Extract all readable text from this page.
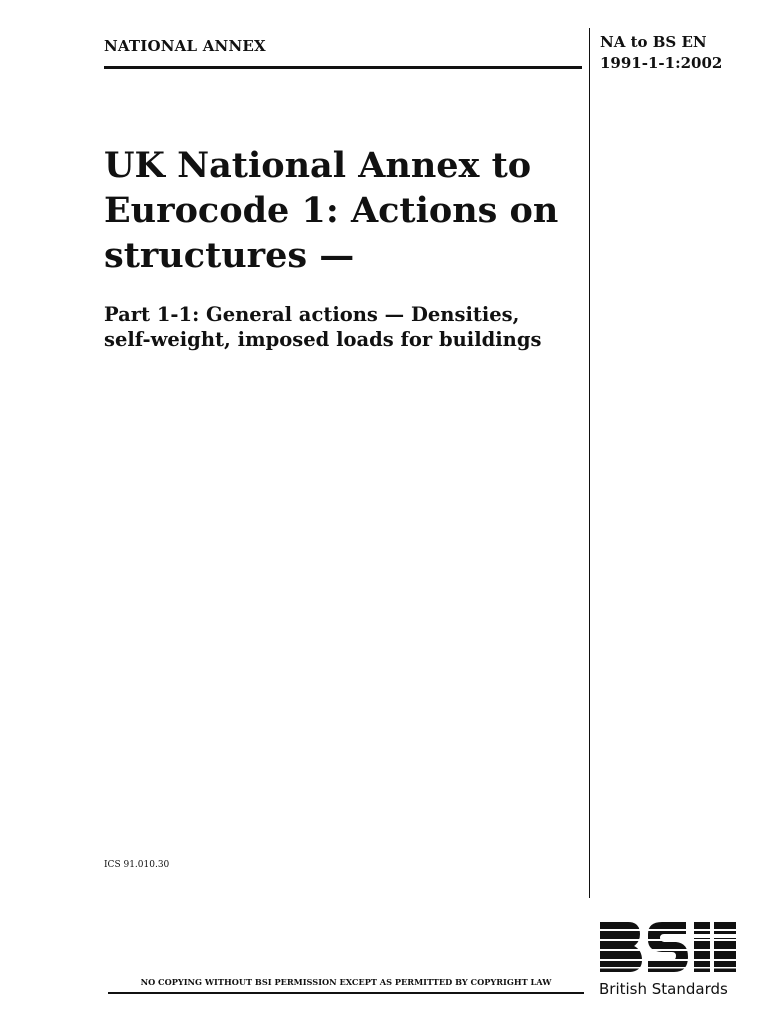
NATIONAL ANNEX	NA to BS EN
1991-1-1:2002
UK National Annex to
Eurocode 1: Actions on
structures —
Part 1-1: General actions — Densities,
self-weight, imposed loads for buildings
ICS 91.010.30
NO COPYING WITHOUT BSI PERMISSION EXCEPT AS PERMITTED BY COPYRIGHT LAW	British Standards
